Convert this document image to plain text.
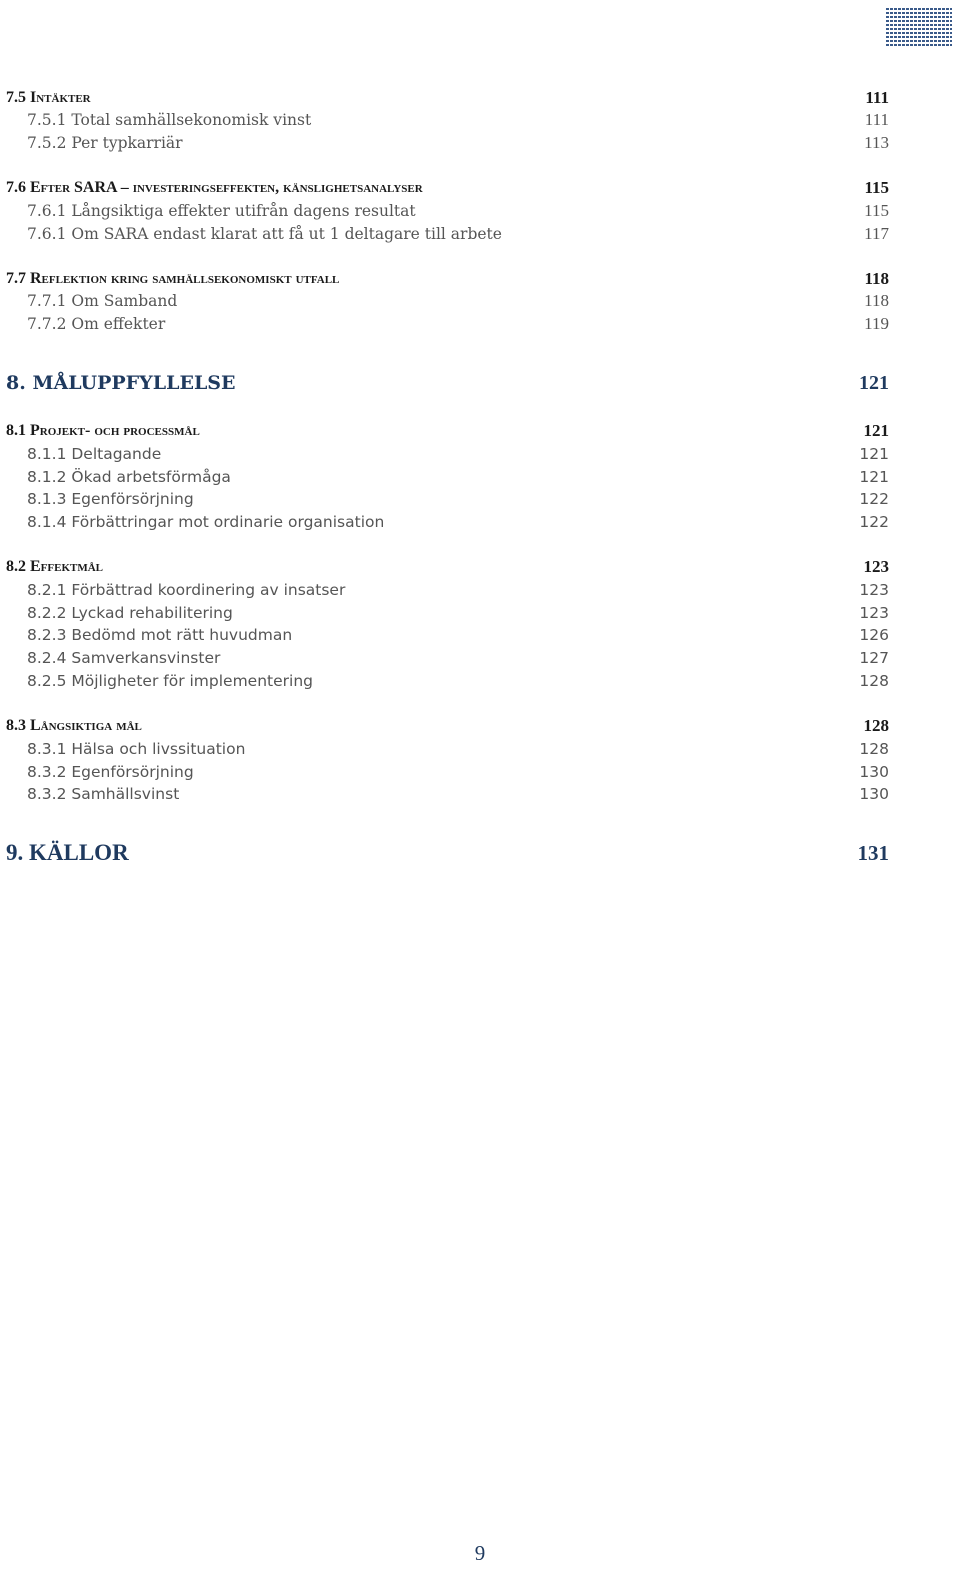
7.5 Intäkter	111
7.5.1 Total samhällsekonomisk vinst	111
7.5.2 Per typkarriär	113
7.6 Efter SARA – investeringseffekten, känslighetsanalyser	115
7.6.1 Långsiktiga effekter utifrån dagens resultat	115
7.6.1 Om SARA endast klarat att få ut 1 deltagare till arbete	117
7.7 Reflektion kring samhällsekonomiskt utfall	118
7.7.1 Om Samband	118
7.7.2 Om effekter	119
8. MÅLUPPFYLLELSE	121
8.1 Projekt- och processmål	121
8.1.1 Deltagande	121
8.1.2 Ökad arbetsförmåga	121
8.1.3 Egenförsörjning	122
8.1.4 Förbättringar mot ordinarie organisation	122
8.2 Effektmål	123
8.2.1 Förbättrad koordinering av insatser	123
8.2.2 Lyckad rehabilitering	123
8.2.3 Bedömd mot rätt huvudman	126
8.2.4 Samverkansvinster	127
8.2.5 Möjligheter för implementering	128
8.3 Långsiktiga mål	128
8.3.1 Hälsa och livssituation	128
8.3.2 Egenförsörjning	130
8.3.2 Samhällsvinst	130
9. KÄLLOR	131
9
